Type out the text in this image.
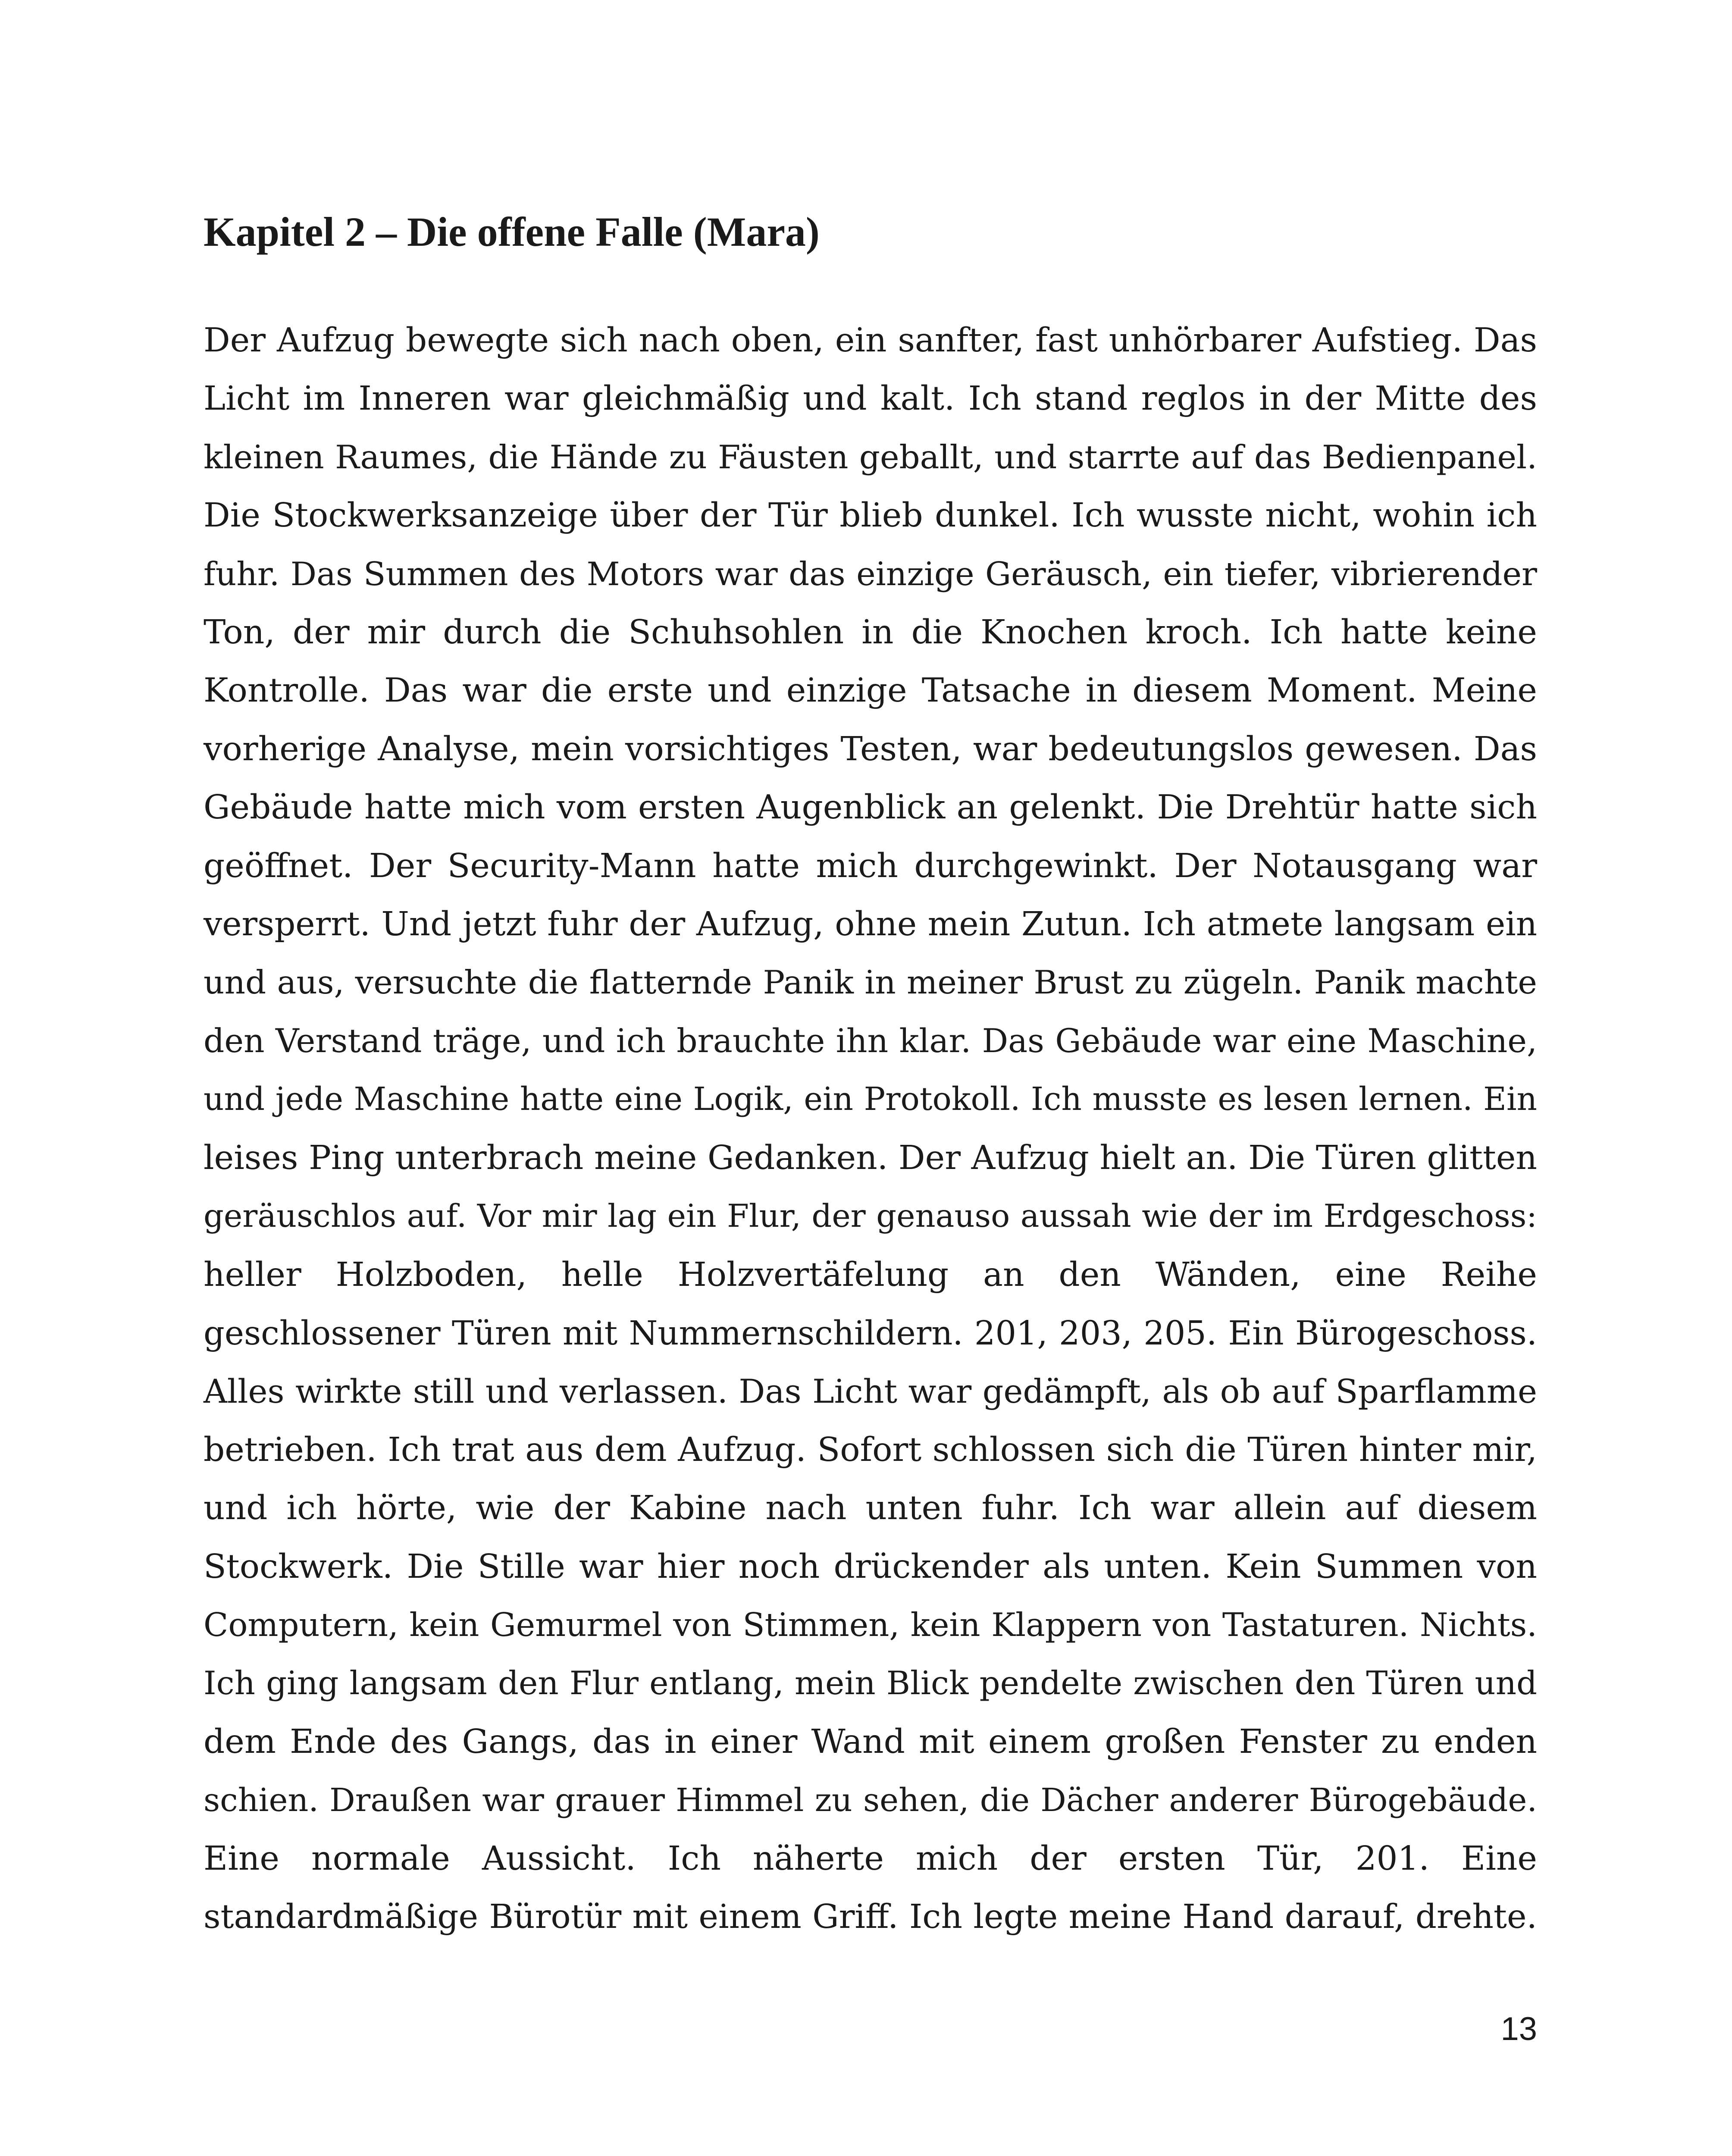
Kapitel 2 – Die offene Falle (Mara)
Der Aufzug bewegte sich nach oben, ein sanfter, fast unhörbarer Aufstieg. Das
Licht im Inneren war gleichmäßig und kalt. Ich stand reglos in der Mitte des
kleinen Raumes, die Hände zu Fäusten geballt, und starrte auf das Bedienpanel.
Die Stockwerksanzeige über der Tür blieb dunkel. Ich wusste nicht, wohin ich
fuhr. Das Summen des Motors war das einzige Geräusch, ein tiefer, vibrierender
Ton, der mir durch die Schuhsohlen in die Knochen kroch. Ich hatte keine
Kontrolle. Das war die erste und einzige Tatsache in diesem Moment. Meine
vorherige Analyse, mein vorsichtiges Testen, war bedeutungslos gewesen. Das
Gebäude hatte mich vom ersten Augenblick an gelenkt. Die Drehtür hatte sich
geöffnet. Der Security-Mann hatte mich durchgewinkt. Der Notausgang war
versperrt. Und jetzt fuhr der Aufzug, ohne mein Zutun. Ich atmete langsam ein
und aus, versuchte die flatternde Panik in meiner Brust zu zügeln. Panik machte
den Verstand träge, und ich brauchte ihn klar. Das Gebäude war eine Maschine,
und jede Maschine hatte eine Logik, ein Protokoll. Ich musste es lesen lernen. Ein
leises Ping unterbrach meine Gedanken. Der Aufzug hielt an. Die Türen glitten
geräuschlos auf. Vor mir lag ein Flur, der genauso aussah wie der im Erdgeschoss:
heller Holzboden, helle Holzvertäfelung an den Wänden, eine Reihe
geschlossener Türen mit Nummernschildern. 201, 203, 205. Ein Bürogeschoss.
Alles wirkte still und verlassen. Das Licht war gedämpft, als ob auf Sparflamme
betrieben. Ich trat aus dem Aufzug. Sofort schlossen sich die Türen hinter mir,
und ich hörte, wie der Kabine nach unten fuhr. Ich war allein auf diesem
Stockwerk. Die Stille war hier noch drückender als unten. Kein Summen von
Computern, kein Gemurmel von Stimmen, kein Klappern von Tastaturen. Nichts.
Ich ging langsam den Flur entlang, mein Blick pendelte zwischen den Türen und
dem Ende des Gangs, das in einer Wand mit einem großen Fenster zu enden
schien. Draußen war grauer Himmel zu sehen, die Dächer anderer Bürogebäude.
Eine normale Aussicht. Ich näherte mich der ersten Tür, 201. Eine
standardmäßige Bürotür mit einem Griff. Ich legte meine Hand darauf, drehte.
13
